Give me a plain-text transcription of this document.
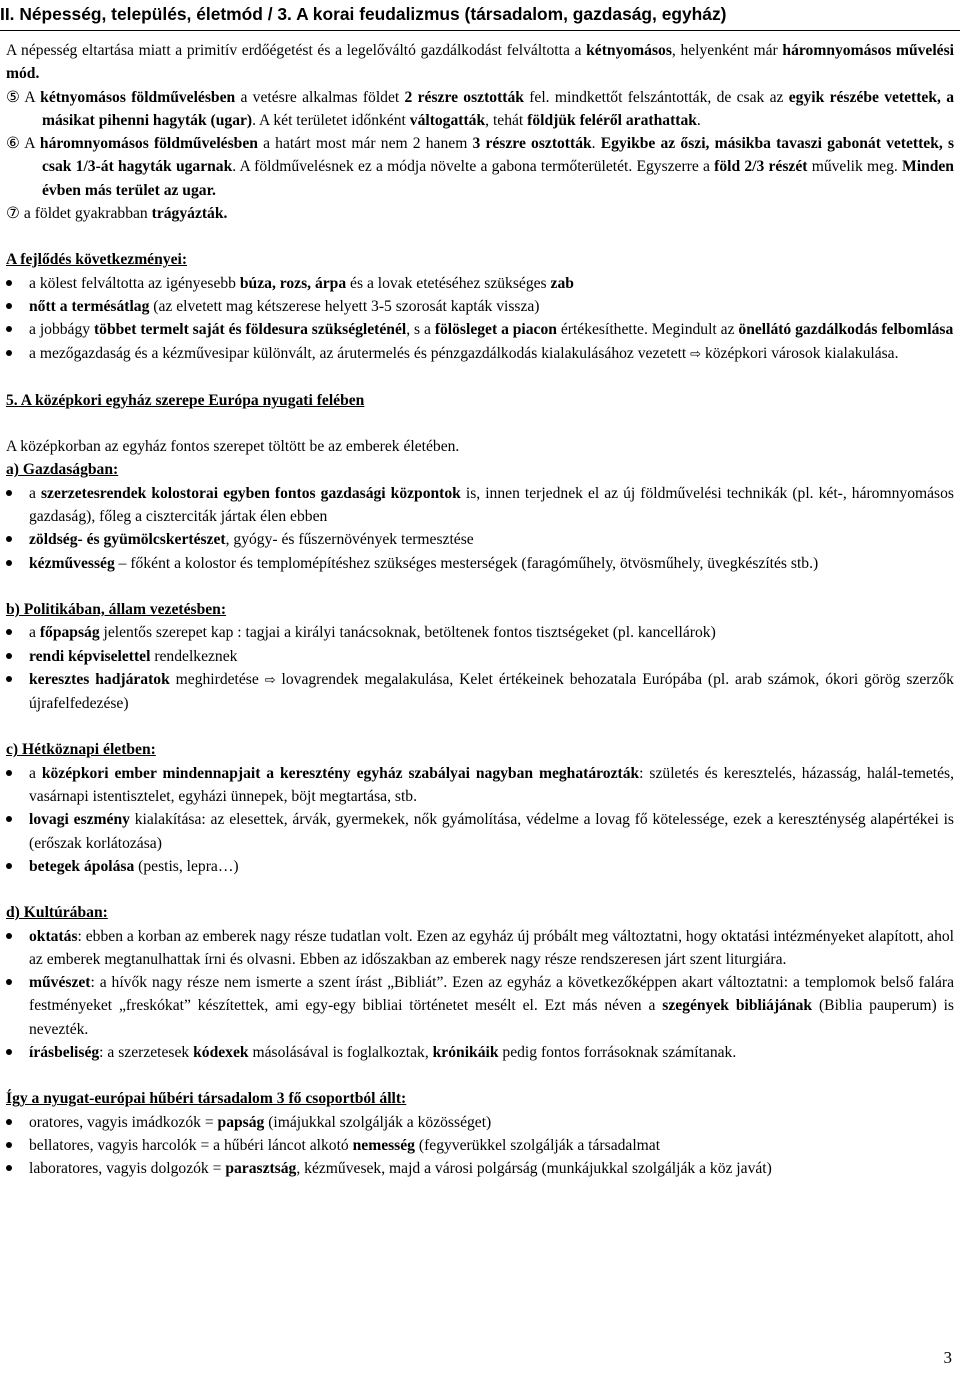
II. Népesség, település, életmód / 3. A korai feudalizmus (társadalom, gazdaság, egyház)

A népesség eltartása miatt a primitív erdőégetést és a legelőváltó gazdálkodást felváltotta a kétnyomásos, helyenként már háromnyomásos művelési mód.

⑤ A kétnyomásos földművelésben a vetésre alkalmas földet 2 részre osztották fel. mindkettőt felszántották, de csak az egyik részébe vetettek, a másikat pihenni hagyták (ugar). A két területet időnként váltogatták, tehát földjük feléről arathattak.

⑥ A háromnyomásos földművelésben a határt most már nem 2 hanem 3 részre osztották. Egyikbe az őszi, másikba tavaszi gabonát vetettek, s csak 1/3-át hagyták ugarnak. A földművelésnek ez a módja növelte a gabona termőterületét. Egyszerre a föld 2/3 részét művelik meg. Minden évben más terület az ugar.

⑦ a földet gyakrabban trágyázták.

A fejlődés következményei:

a kölest felváltotta az igényesebb búza, rozs, árpa és a lovak etetéséhez szükséges zab
nőtt a termésátlag (az elvetett mag kétszerese helyett 3-5 szorosát kapták vissza)
a jobbágy többet termelt saját és földesura szükségleténél, s a fölösleget a piacon értékesíthette. Megindult az önellátó gazdálkodás felbomlása
a mezőgazdaság és a kézművesipar különvált, az árutermelés és pénzgazdálkodás kialakulásához vezetett ⇨ középkori városok kialakulása.

5. A középkori egyház szerepe Európa nyugati felében

A középkorban az egyház fontos szerepet töltött be az emberek életében.

a) Gazdaságban:

a szerzetesrendek kolostorai egyben fontos gazdasági központok is, innen terjednek el az új földművelési technikák (pl. két-, háromnyomásos gazdaság), főleg a ciszterciták jártak élen ebben
zöldség- és gyümölcskertészet, gyógy- és fűszernövények termesztése
kézművesség – főként a kolostor és templomépítéshez szükséges mesterségek (faragóműhely, ötvösműhely, üvegkészítés stb.)

b) Politikában, állam vezetésben:

a főpapság jelentős szerepet kap : tagjai a királyi tanácsoknak, betöltenek fontos tisztségeket (pl. kancellárok)
rendi képviselettel rendelkeznek
keresztes hadjáratok meghirdetése ⇨ lovagrendek megalakulása, Kelet értékeinek behozatala Európába (pl. arab számok, ókori görög szerzők újrafelfedezése)

c) Hétköznapi életben:

a középkori ember mindennapjait a keresztény egyház szabályai nagyban meghatározták: születés és keresztelés, házasság, halál-temetés, vasárnapi istentisztelet, egyházi ünnepek, böjt megtartása, stb.
lovagi eszmény kialakítása: az elesettek, árvák, gyermekek, nők gyámolítása, védelme a lovag fő kötelessége, ezek a kereszténység alapértékei is (erőszak korlátozása)
betegek ápolása (pestis, lepra…)

d) Kultúrában:

oktatás: ebben a korban az emberek nagy része tudatlan volt. Ezen az egyház új próbált meg változtatni, hogy oktatási intézményeket alapított, ahol az emberek megtanulhattak írni és olvasni. Ebben az időszakban az emberek nagy része rendszeresen járt szent liturgiára.
művészet: a hívők nagy része nem ismerte a szent írást „Bibliát”. Ezen az egyház a következőképpen akart változtatni: a templomok belső falára festményeket „freskókat” készítettek, ami egy-egy bibliai történetet mesélt el. Ezt más néven a szegények bibliájának (Biblia pauperum) is nevezték.
írásbeliség: a szerzetesek kódexek másolásával is foglalkoztak, krónikáik pedig fontos forrásoknak számítanak.

Így a nyugat-európai hűbéri társadalom 3 fő csoportból állt:

oratores, vagyis imádkozók = papság (imájukkal szolgálják a közösséget)
bellatores, vagyis harcolók = a hűbéri láncot alkotó nemesség (fegyverükkel szolgálják a társadalmat
laboratores, vagyis dolgozók = parasztság, kézművesek, majd a városi polgárság (munkájukkal szolgálják a köz javát)
3
